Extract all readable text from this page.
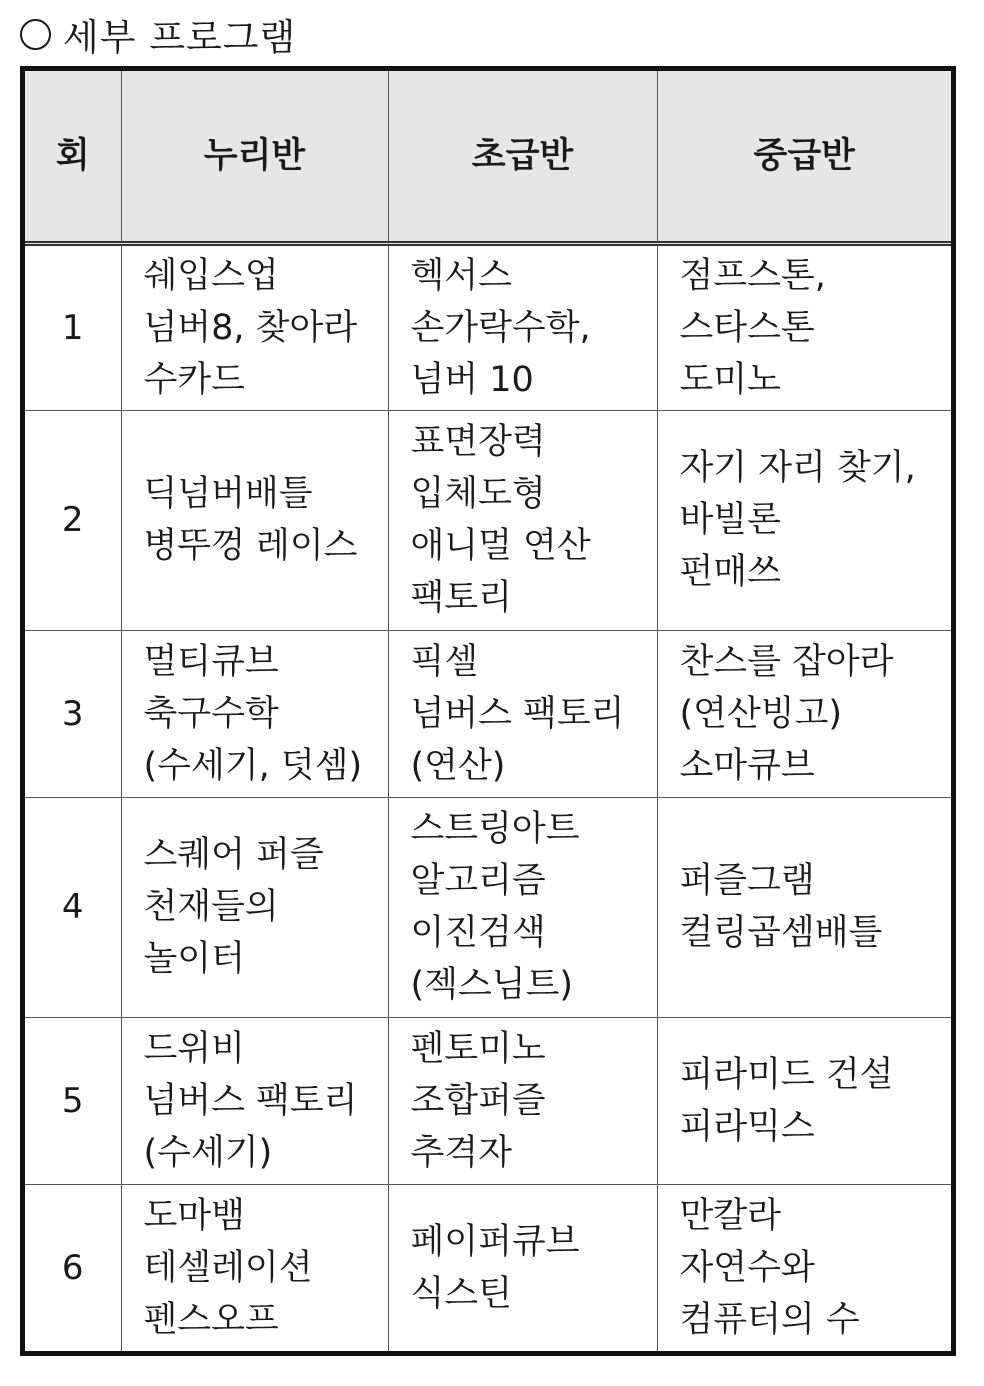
세부 프로그램
회	누리반	초급반	중급반
1	쉐입스업
넘버8, 찾아라
수카드	헥서스
손가락수학,
넘버 10	점프스톤,
스타스톤
도미노

2	딕넘버배틀
병뚜껑 레이스	표면장력
입체도형
애니멀 연산
팩토리	자기 자리 찾기,
바빌론
펀매쓰

3	멀티큐브
축구수학
(수세기, 덧셈)	픽셀
넘버스 팩토리
(연산)	찬스를 잡아라
(연산빙고)
소마큐브

4	스퀘어 퍼즐
천재들의
놀이터	스트링아트
알고리즘
이진검색
(젝스님트)	퍼즐그램
컬링곱셈배틀

5	드위비
넘버스 팩토리
(수세기)	펜토미노
조합퍼즐
추격자	피라미드 건설
피라믹스

6	도마뱀
테셀레이션
펜스오프	페이퍼큐브
식스틴	만칼라
자연수와
컴퓨터의 수
